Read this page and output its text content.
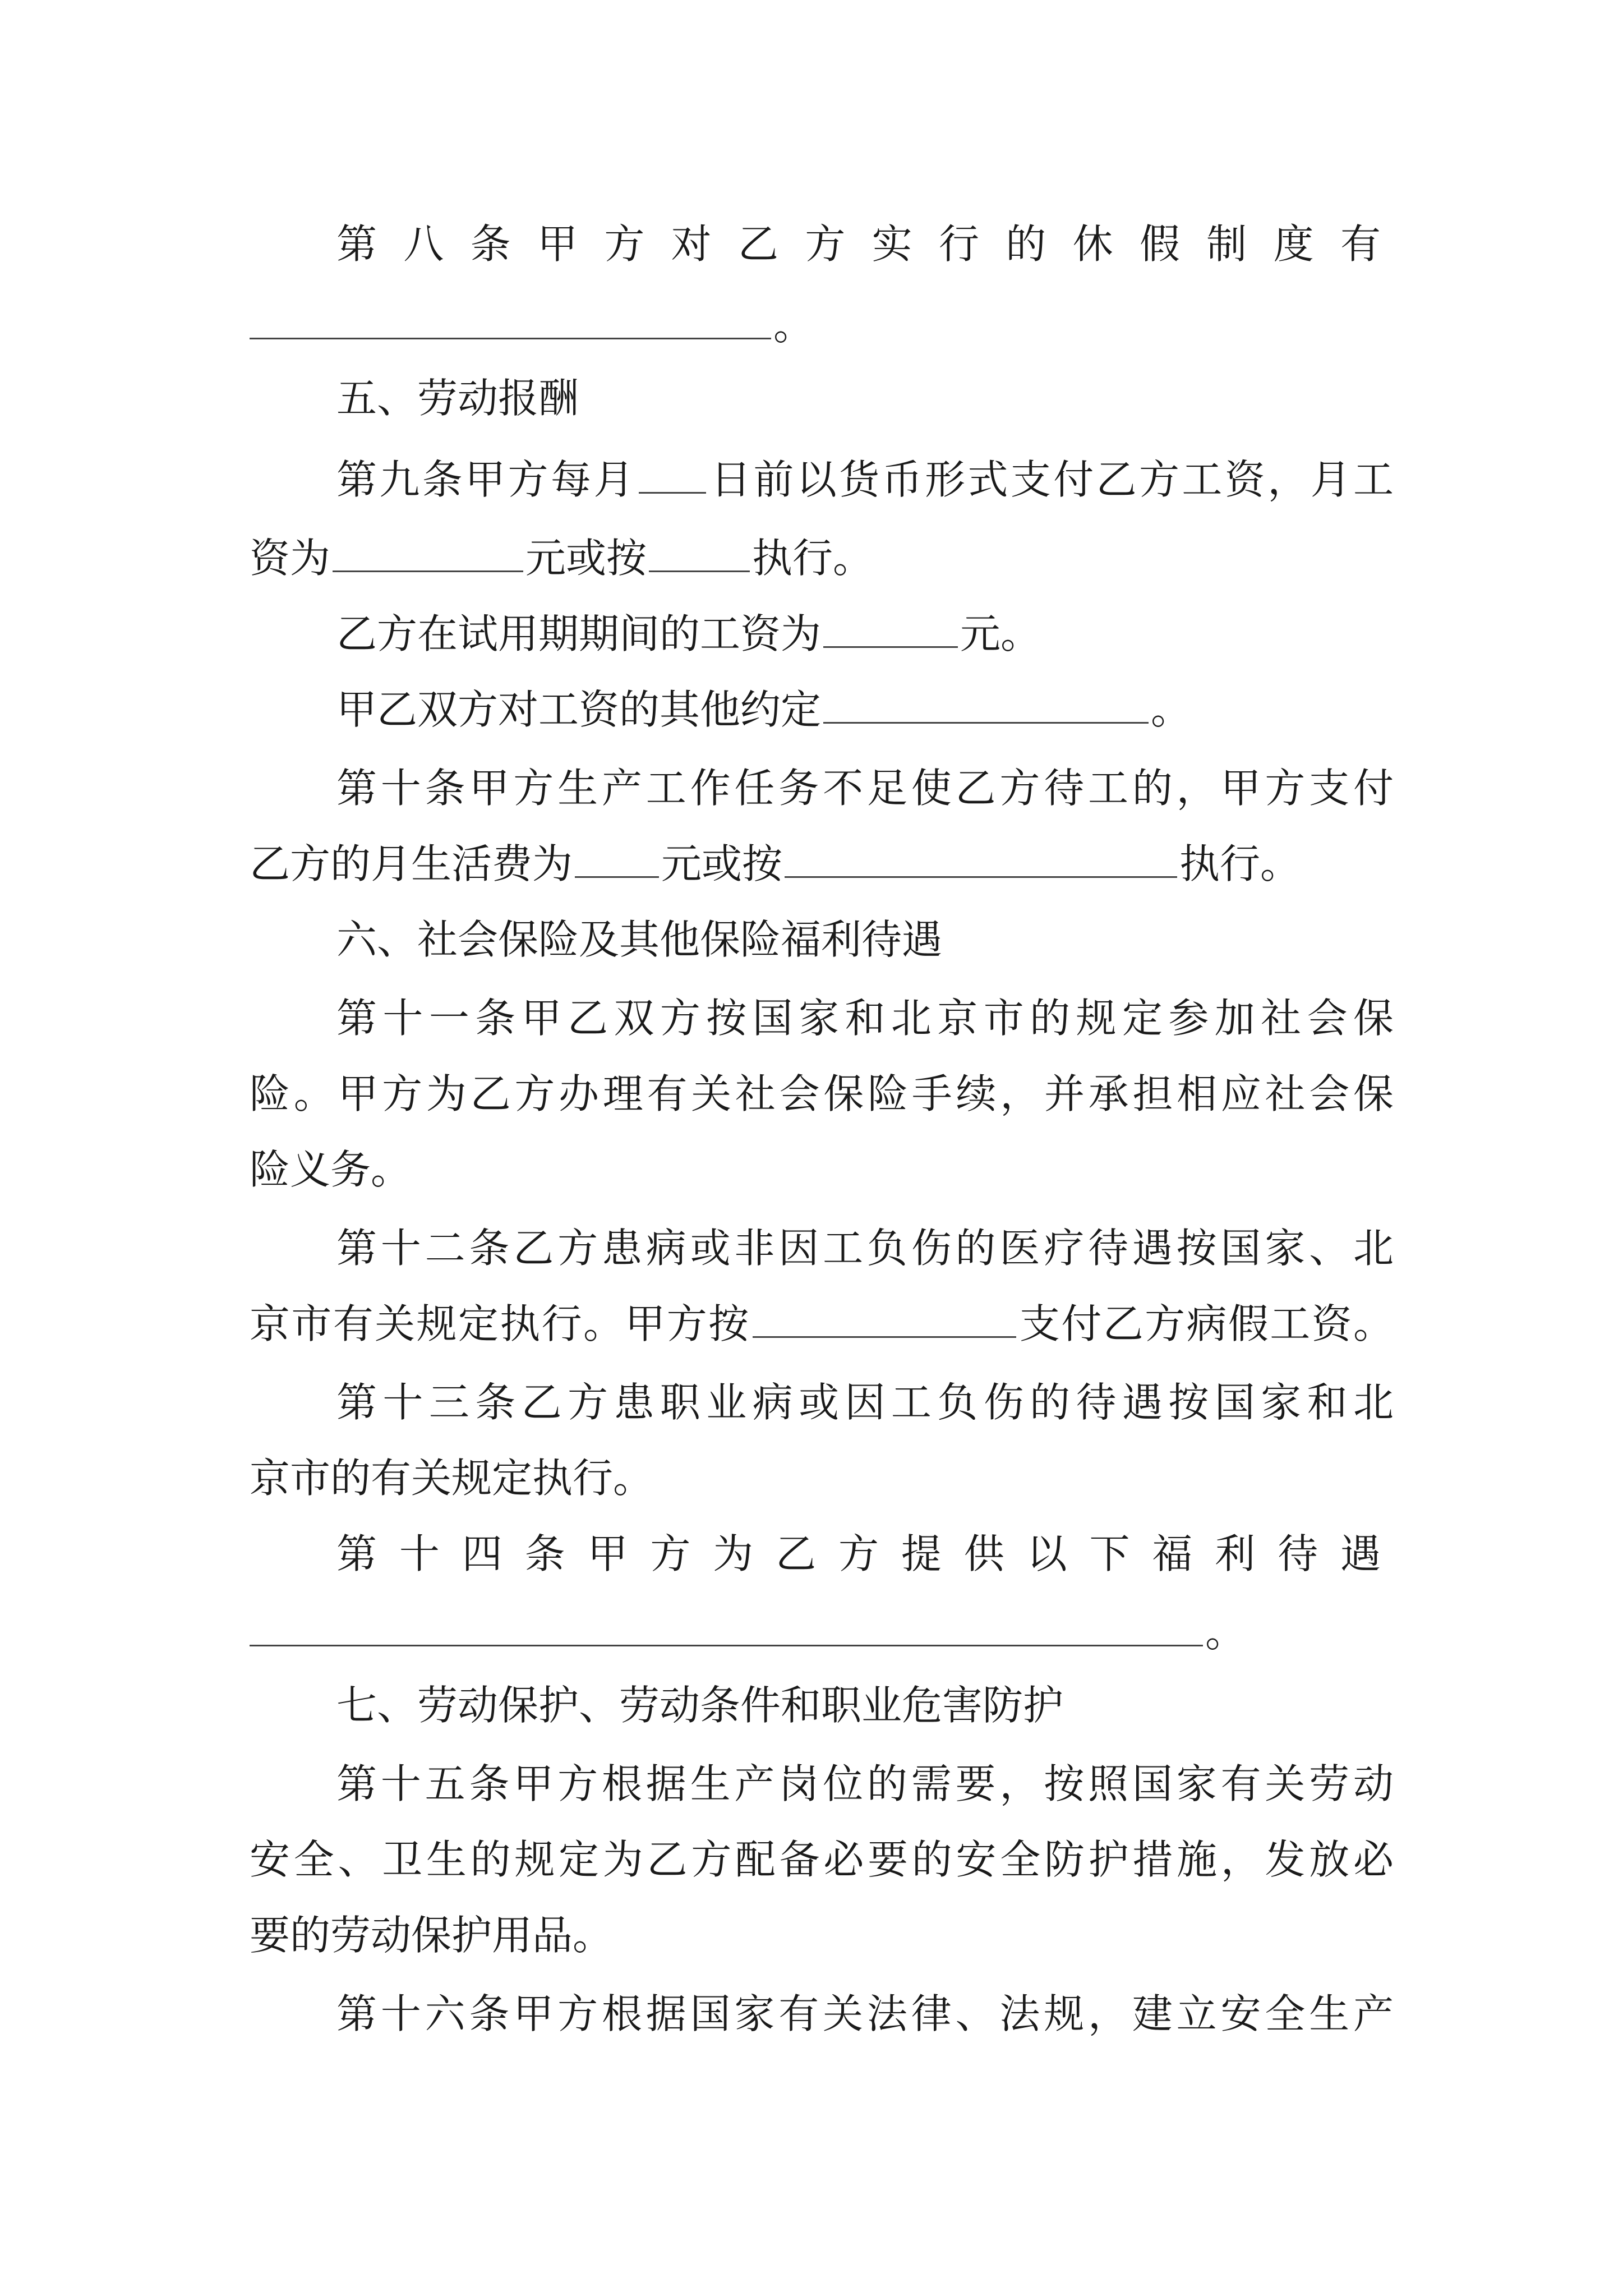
第八条甲方对乙方实行的休假制度有
。
五、劳动报酬
第九条甲方每月 日前以货币形式支付乙方工资，月工
资为	元或按	执行。
乙方在试用期期间的工资为	元。
甲乙双方对工资的其他约定	。
第十条甲方生产工作任务不足使乙方待工的，甲方支付
乙方的月生活费为 元或按	执行。
六、社会保险及其他保险福利待遇
第十一条甲乙双方按国家和北京市的规定参加社会保
险。甲方为乙方办理有关社会保险手续，并承担相应社会保
险义务。
第十二条乙方患病或非因工负伤的医疗待遇按国家、北
京市有关规定执行。甲方按	支付乙方病假工资。
第十三条乙方患职业病或因工负伤的待遇按国家和北
京市的有关规定执行。
第十四条甲方为乙方提供以下福利待遇
。
七、劳动保护、劳动条件和职业危害防护
第十五条甲方根据生产岗位的需要，按照国家有关劳动
安全、卫生的规定为乙方配备必要的安全防护措施，发放必
要的劳动保护用品。
第十六条甲方根据国家有关法律、法规，建立安全生产
